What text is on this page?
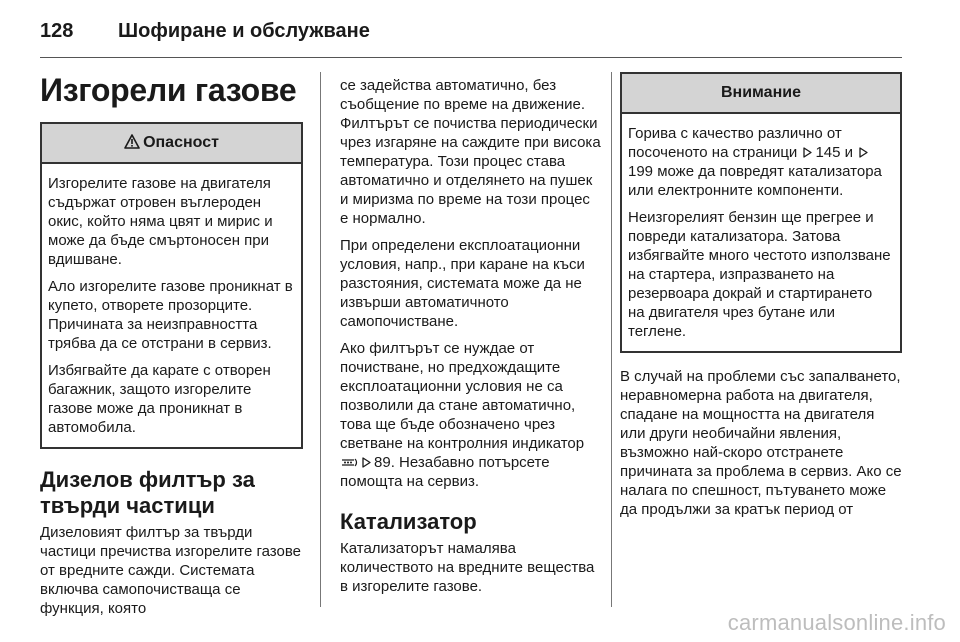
128 Шофиране и обслужване
Изгорели газове
Опасност

Изгорелите газове на двигателя съдържат отровен въглероден окис, който няма цвят и мирис и може да бъде смъртоносен при вдишване.

Ало изгорелите газове проникнат в купето, отворете прозорците. Причината за неизправността трябва да се отстрани в сервиз.

Избягвайте да карате с отворен багажник, защото изгорелите газове може да проникнат в автомобила.

Дизелов филтър за твърди частици

Дизеловият филтър за твърди частици пречиства изгорелите газове от вредните сажди. Системата включва самопочистваща се функция, която

се задейства автоматично, без съобщение по време на движение. Филтърът се почиства периодически чрез изгаряне на саждите при висока температура. Този процес става автоматично и отделянето на пушек и миризма по време на този процес е нормално.

При определени експлоатационни условия, напр., при каране на къси разстояния, системата може да не извърши автоматичното самопочистване.

Ако филтърът се нуждае от почистване, но предхождащите експлоатационни условия не са позволили да стане автоматично, това ще бъде обозначено чрез светване на контролния индикатор 89. Незабавно потърсете помощта на сервиз.

Катализатор

Катализаторът намалява количеството на вредните вещества в изгорелите газове.

Внимание

Горива с качество различно от посоченото на страници 145 и 199 може да повредят катализатора или електронните компоненти.

Неизгорелият бензин ще прегрее и повреди катализатора. Затова избягвайте много честото използване на стартера, изпразването на резервоара докрай и стартирането на двигателя чрез бутане или теглене.

В случай на проблеми със запалването, неравномерна работа на двигателя, спадане на мощността на двигателя или други необичайни явления, възможно най-скоро отстранете причината за проблема в сервиз. Ако се налага по спешност, пътуването може да продължи за кратък период от

carmanualsonline.info
